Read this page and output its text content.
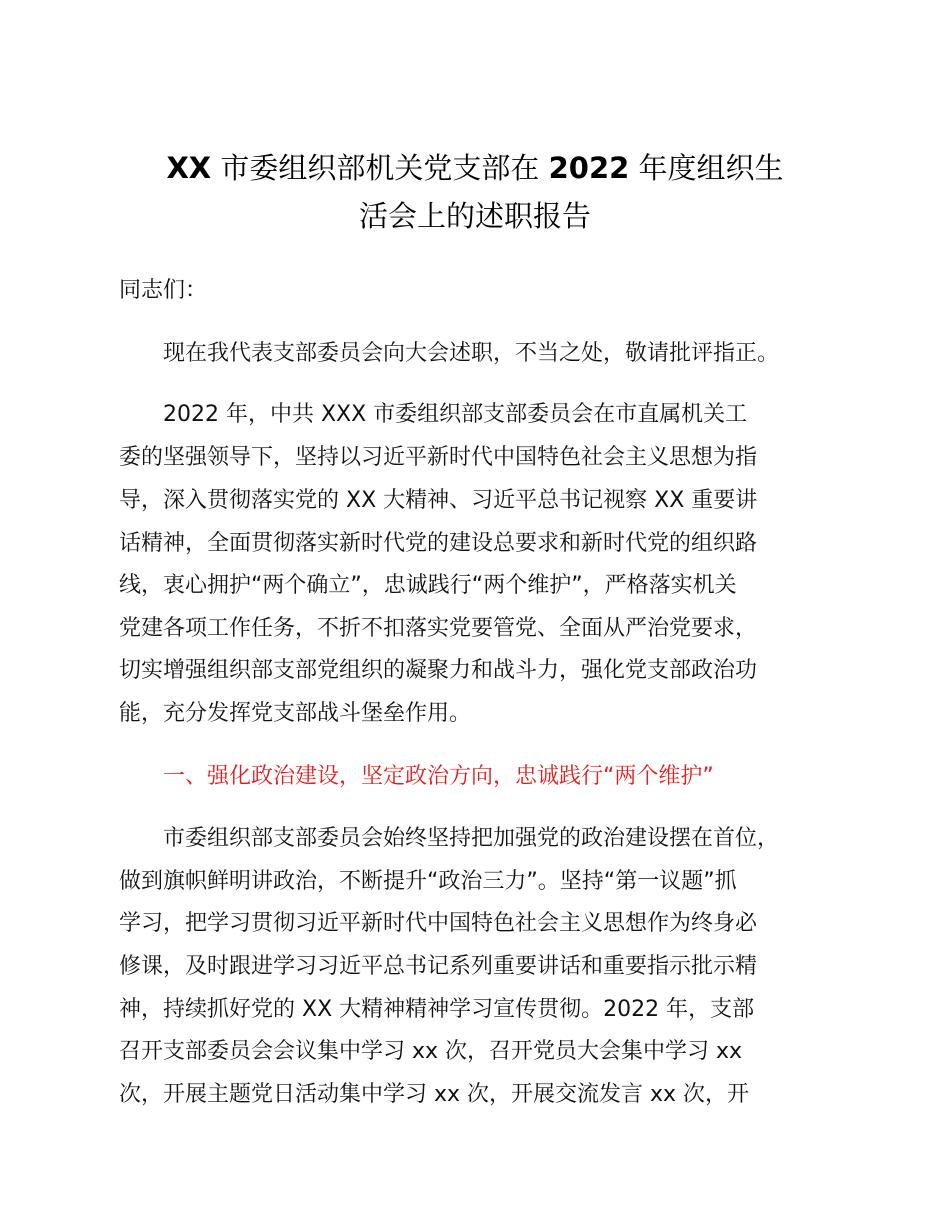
XX 市委组织部机关党支部在 2022 年度组织生
活会上的述职报告
同志们：
　　现在我代表支部委员会向大会述职，不当之处，敬请批评指正。
　　2022 年，中共 XXX 市委组织部支部委员会在市直属机关工
委的坚强领导下，坚持以习近平新时代中国特色社会主义思想为指
导，深入贯彻落实党的 XX 大精神、习近平总书记视察 XX 重要讲
话精神，全面贯彻落实新时代党的建设总要求和新时代党的组织路
线，衷心拥护“两个确立”，忠诚践行“两个维护”，严格落实机关
党建各项工作任务，不折不扣落实党要管党、全面从严治党要求，
切实增强组织部支部党组织的凝聚力和战斗力，强化党支部政治功
能，充分发挥党支部战斗堡垒作用。
　　一、强化政治建设，坚定政治方向，忠诚践行“两个维护”
　　市委组织部支部委员会始终坚持把加强党的政治建设摆在首位，
做到旗帜鲜明讲政治，不断提升“政治三力”。坚持“第一议题”抓
学习，把学习贯彻习近平新时代中国特色社会主义思想作为终身必
修课，及时跟进学习习近平总书记系列重要讲话和重要指示批示精
神，持续抓好党的 XX 大精神精神学习宣传贯彻。2022 年，支部
召开支部委员会会议集中学习 xx 次，召开党员大会集中学习 xx
次，开展主题党日活动集中学习 xx 次，开展交流发言 xx 次，开
